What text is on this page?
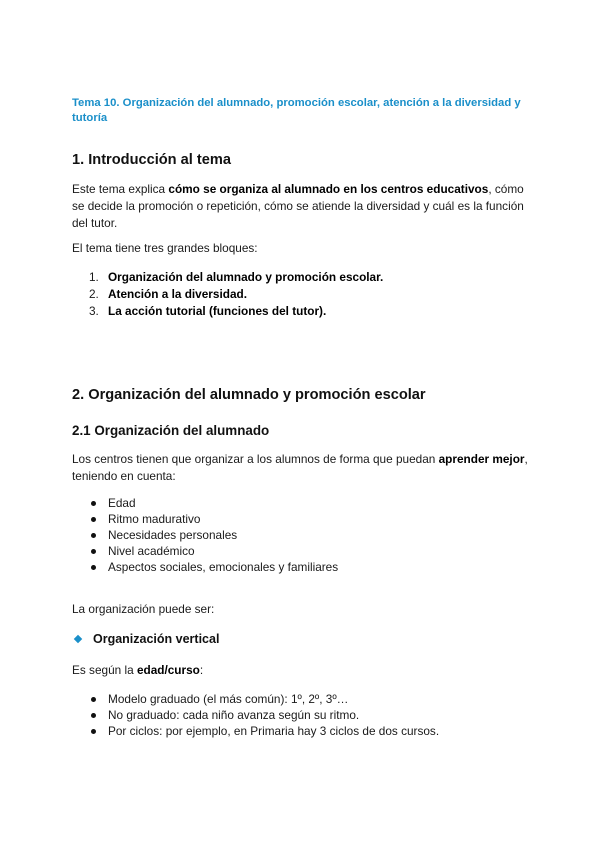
Tema 10. Organización del alumnado, promoción escolar, atención a la diversidad y tutoría

1. Introducción al tema

Este tema explica cómo se organiza al alumnado en los centros educativos, cómo se decide la promoción o repetición, cómo se atiende la diversidad y cuál es la función del tutor.

El tema tiene tres grandes bloques:

1. Organización del alumnado y promoción escolar.
2. Atención a la diversidad.
3. La acción tutorial (funciones del tutor).
2. Organización del alumnado y promoción escolar
2.1 Organización del alumnado

Los centros tienen que organizar a los alumnos de forma que puedan aprender mejor, teniendo en cuenta:

Edad
Ritmo madurativo
Necesidades personales
Nivel académico
Aspectos sociales, emocionales y familiares

La organización puede ser:

Organización vertical

Es según la edad/curso:

Modelo graduado (el más común): 1º, 2º, 3º…
No graduado: cada niño avanza según su ritmo.
Por ciclos: por ejemplo, en Primaria hay 3 ciclos de dos cursos.
